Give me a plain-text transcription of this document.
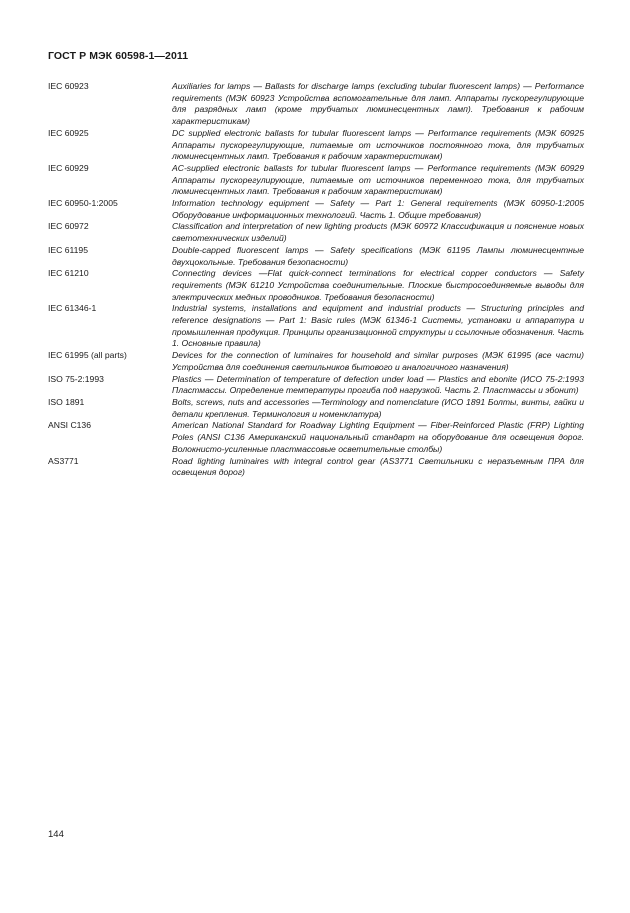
ГОСТ Р МЭК 60598-1—2011
IEC 60923	Auxiliaries for lamps — Ballasts for discharge lamps (excluding tubular fluorescent lamps) — Performance requirements (МЭК 60923 Устройства вспомогательные для ламп. Аппараты пускорегулирующие для разрядных ламп (кроме трубчатых люминесцентных ламп). Требования к рабочим характеристикам)
IEC 60925	DC supplied electronic ballasts for tubular fluorescent lamps — Performance requirements (МЭК 60925 Аппараты пускорегулирующие, питаемые от источников постоянного тока, для трубчатых люминесцентных ламп. Требования к рабочим характеристикам)
IEC 60929	AC-supplied electronic ballasts for tubular fluorescent lamps — Performance requirements (МЭК 60929 Аппараты пускорегулирующие, питаемые от источников переменного тока, для трубчатых люминесцентных ламп. Требования к рабочим характеристикам)
IEC 60950-1:2005	Information technology equipment — Safety — Part 1: General requirements (МЭК 60950-1:2005 Оборудование информационных технологий. Часть 1. Общие требования)
IEC 60972	Classification and interpretation of new lighting products (МЭК 60972 Классификация и пояснение новых светотехнических изделий)
IEC 61195	Double-capped fluorescent lamps — Safety specifications (МЭК 61195 Лампы люминесцентные двухцокольные. Требования безопасности)
IEC 61210	Connecting devices —Flat quick-connect terminations for electrical copper conductors — Safety requirements (МЭК 61210 Устройства соединительные. Плоские быстросоединяемые выводы для электрических медных проводников. Требования безопасности)
IEC 61346-1	Industrial systems, installations and equipment and industrial products — Structuring principles and reference designations — Part 1: Basic rules (МЭК 61346-1 Системы, установки и аппаратура и промышленная продукция. Принципы организационной структуры и ссылочные обозначения. Часть 1. Основные правила)
IEC 61995 (all parts)	Devices for the connection of luminaires for household and similar purposes (МЭК 61995 (все части) Устройства для соединения светильников бытового и аналогичного назначения)
ISO 75-2:1993	Plastics — Determination of temperature of defection under load — Plastics and ebonite (ИСО 75-2:1993 Пластмассы. Определение температуры прогиба под нагрузкой. Часть 2. Пластмассы и эбонит)
ISO 1891	Bolts, screws, nuts and accessories —Terminology and nomenclature (ИСО 1891 Болты, винты, гайки и детали крепления. Терминология и номенклатура)
ANSI C136	American National Standard for Roadway Lighting Equipment — Fiber-Reinforced Plastic (FRP) Lighting Poles (ANSI C136 Американский национальный стандарт на оборудование для освещения дорог. Волокнисто-усиленные пластмассовые осветительные столбы)
AS3771	Road lighting luminaires with integral control gear (AS3771 Светильники с неразъемным ПРА для освещения дорог)
144
